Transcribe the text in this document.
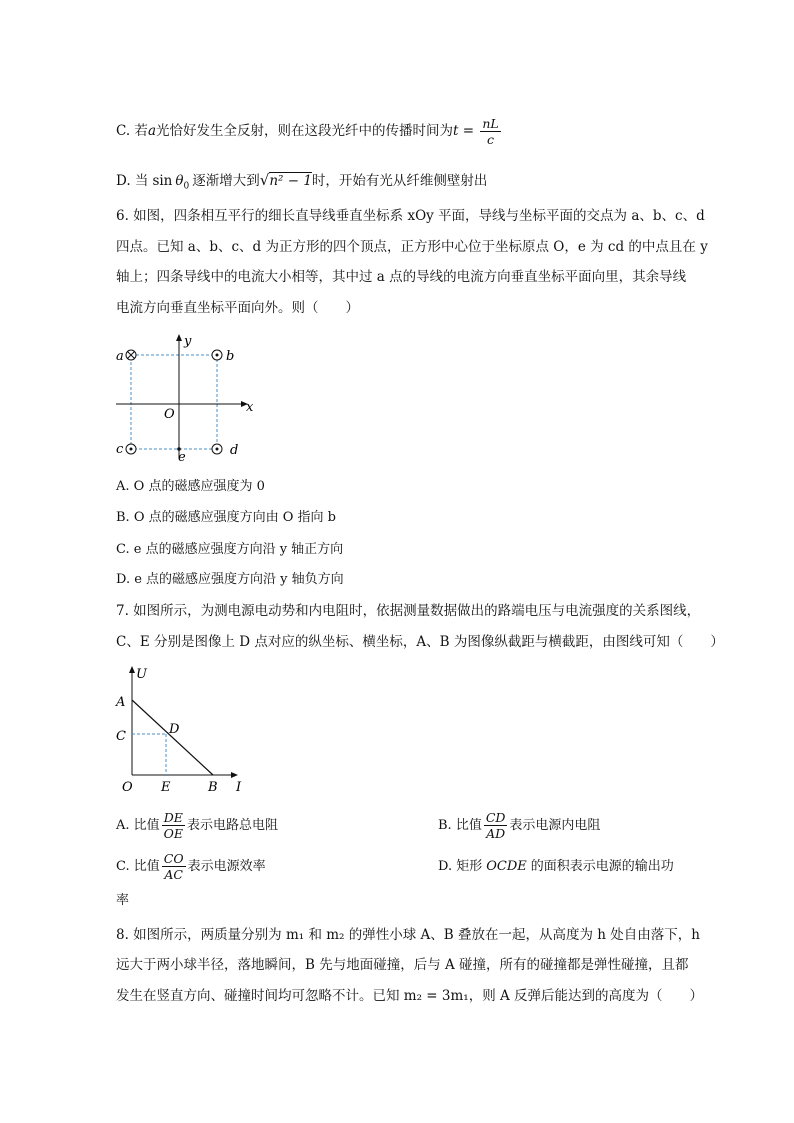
C. 若a光恰好发生全反射，则在这段光纤中的传播时间为$t = \frac{nL}{c}$
D. 当 $\sin \theta_0$ 逐渐增大到√n² − 1时，开始有光从纤维侧壁射出
6. 如图，四条相互平行的细长直导线垂直坐标系 xOy 平面，导线与坐标平面的交点为 a、b、c、d
四点。已知 a、b、c、d 为正方形的四个顶点，正方形中心位于坐标原点 O，e 为 cd 的中点且在 y
轴上；四条导线中的电流大小相等，其中过 a 点的导线的电流方向垂直坐标平面向里，其余导线
电流方向垂直坐标平面向外。则（　　）
a	b
c	d
e
O	x
y
A. O 点的磁感应强度为 0
B. O 点的磁感应强度方向由 O 指向 b
C. e 点的磁感应强度方向沿 y 轴正方向
D. e 点的磁感应强度方向沿 y 轴负方向
7. 如图所示，为测电源电动势和内电阻时，依据测量数据做出的路端电压与电流强度的关系图线，
C、E 分别是图像上 D 点对应的纵坐标、横坐标，A、B 为图像纵截距与横截距，由图线可知（　　）
U
I
A
C	D
O E	B
A. 比值 $\frac{DE}{OE}$ 表示电路总电阻	B. 比值 $\frac{CD}{AD}$ 表示电源内电阻
C. 比值 $\frac{CO}{AC}$ 表示电源效率	D. 矩形 OCDE 的面积表示电源的输出功
率
8. 如图所示，两质量分别为 m₁ 和 m₂ 的弹性小球 A、B 叠放在一起，从高度为 h 处自由落下，h
远大于两小球半径，落地瞬间，B 先与地面碰撞，后与 A 碰撞，所有的碰撞都是弹性碰撞，且都
发生在竖直方向、碰撞时间均可忽略不计。已知 m₂ = 3m₁，则 A 反弹后能达到的高度为（　　）
